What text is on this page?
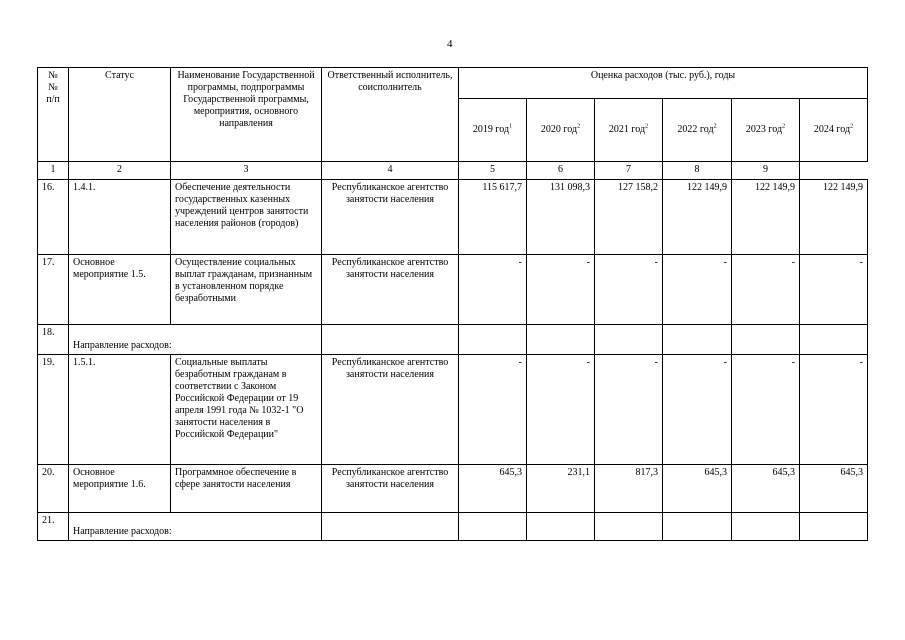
4
№
№
п/п	Статус	Наименование Государственной программы, подпрограммы Государственной программы, мероприятия, основного направления	Ответственный исполнитель, соисполнитель	Оценка расходов (тыс. руб.), годы					
				2019 год$^1$	2020 год$^2$	2021 год$^2$	2022 год$^2$	2023 год$^2$	2024 год$^2$
1	2	3	4	5	6	7	8	9	
16.	1.4.1.	Обеспечение деятельности государственных казенных учреждений центров занятости населения районов (городов)	Республиканское агентство занятости населения	115 617,7	131 098,3	127 158,2	122 149,9	122 149,9	122 149,9
17.	Основное мероприятие 1.5.	Осуществление социальных выплат гражданам, признанным в установленном порядке безработными	Республиканское агентство занятости населения	-	-	-	-	-	-
18.	Направление расходов:								
19.	1.5.1.	Социальные выплаты безработным гражданам в соответствии с Законом Российской Федерации от 19 апреля 1991 года № 1032-1 "О занятости населения в Российской Федерации"	Республиканское агентство занятости населения	-	-	-	-	-	-
20.	Основное мероприятие 1.6.	Программное обеспечение в сфере занятости населения	Республиканское агентство занятости населения	645,3	231,1	817,3	645,3	645,3	645,3
21.	Направление расходов:								
